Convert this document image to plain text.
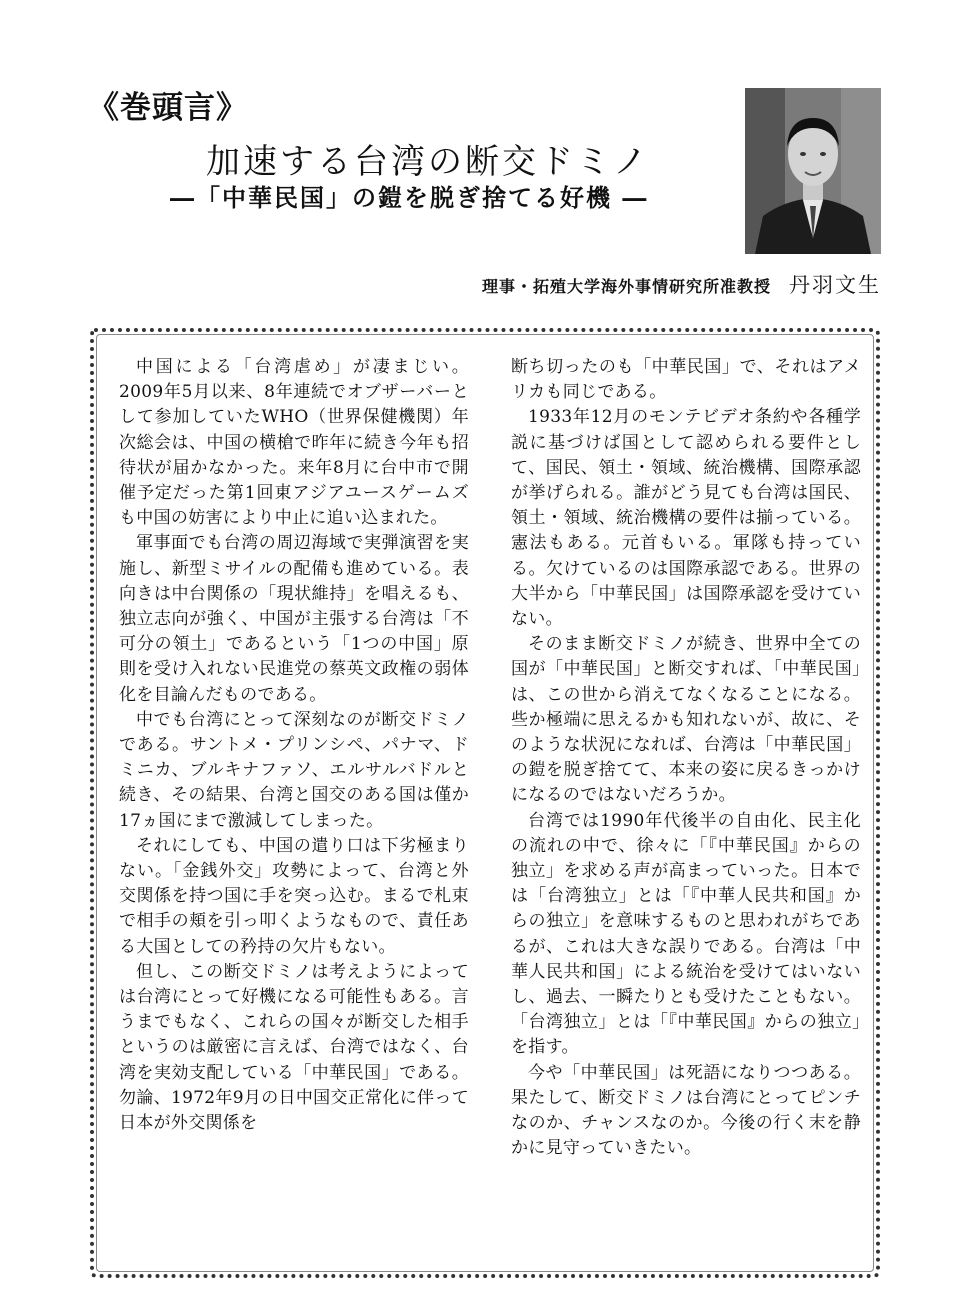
《巻頭言》
加速する台湾の断交ドミノ
―「中華民国」の鎧を脱ぎ捨てる好機 ―
理事・拓殖大学海外事情研究所准教授 丹羽文生

中国による「台湾虐め」が凄まじい。2009年5月以来、8年連続でオブザーバーとして参加していたWHO（世界保健機関）年次総会は、中国の横槍で昨年に続き今年も招待状が届かなかった。来年8月に台中市で開催予定だった第1回東アジアユースゲームズも中国の妨害により中止に追い込まれた。

軍事面でも台湾の周辺海域で実弾演習を実施し、新型ミサイルの配備も進めている。表向きは中台関係の「現状維持」を唱えるも、独立志向が強く、中国が主張する台湾は「不可分の領土」であるという「1つの中国」原則を受け入れない民進党の蔡英文政権の弱体化を目論んだものである。

中でも台湾にとって深刻なのが断交ドミノである。サントメ・プリンシペ、パナマ、ドミニカ、ブルキナファソ、エルサルバドルと続き、その結果、台湾と国交のある国は僅か17ヵ国にまで激減してしまった。

それにしても、中国の遣り口は下劣極まりない。「金銭外交」攻勢によって、台湾と外交関係を持つ国に手を突っ込む。まるで札束で相手の頬を引っ叩くようなもので、責任ある大国としての矜持の欠片もない。

但し、この断交ドミノは考えようによっては台湾にとって好機になる可能性もある。言うまでもなく、これらの国々が断交した相手というのは厳密に言えば、台湾ではなく、台湾を実効支配している「中華民国」である。勿論、1972年9月の日中国交正常化に伴って日本が外交関係を

断ち切ったのも「中華民国」で、それはアメリカも同じである。

1933年12月のモンテビデオ条約や各種学説に基づけば国として認められる要件として、国民、領土・領域、統治機構、国際承認が挙げられる。誰がどう見ても台湾は国民、領土・領域、統治機構の要件は揃っている。憲法もある。元首もいる。軍隊も持っている。欠けているのは国際承認である。世界の大半から「中華民国」は国際承認を受けていない。

そのまま断交ドミノが続き、世界中全ての国が「中華民国」と断交すれば、「中華民国」は、この世から消えてなくなることになる。些か極端に思えるかも知れないが、故に、そのような状況になれば、台湾は「中華民国」の鎧を脱ぎ捨てて、本来の姿に戻るきっかけになるのではないだろうか。

台湾では1990年代後半の自由化、民主化の流れの中で、徐々に「『中華民国』からの独立」を求める声が高まっていった。日本では「台湾独立」とは「『中華人民共和国』からの独立」を意味するものと思われがちであるが、これは大きな誤りである。台湾は「中華人民共和国」による統治を受けてはいないし、過去、一瞬たりとも受けたこともない。「台湾独立」とは「『中華民国』からの独立」を指す。

今や「中華民国」は死語になりつつある。果たして、断交ドミノは台湾にとってピンチなのか、チャンスなのか。今後の行く末を静かに見守っていきたい。
